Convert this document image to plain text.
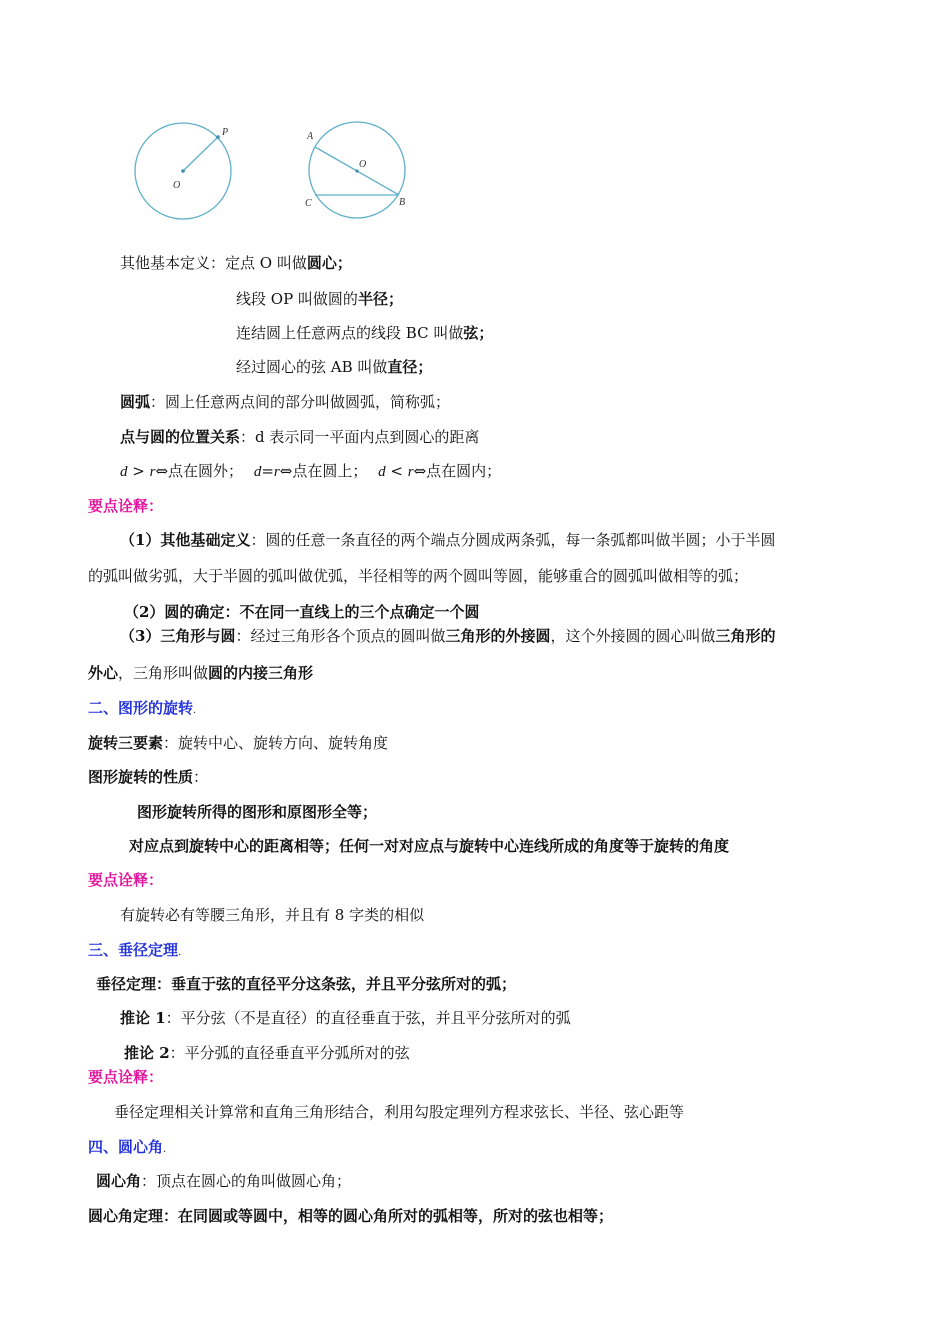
O
P	A
O
C	B
其他基本定义：定点 O 叫做圆心；
线段 OP 叫做圆的半径；
连结圆上任意两点的线段 BC 叫做弦；
经过圆心的弦 AB 叫做直径；
圆弧：圆上任意两点间的部分叫做圆弧，简称弧；
点与圆的位置关系：d 表示同一平面内点到圆心的距离
d > r⇔点在圆外； d=r⇔点在圆上； d < r⇔点在圆内；
要点诠释：
（1）其他基础定义：圆的任意一条直径的两个端点分圆成两条弧，每一条弧都叫做半圆；小于半圆
的弧叫做劣弧，大于半圆的弧叫做优弧，半径相等的两个圆叫等圆，能够重合的圆弧叫做相等的弧；
（2）圆的确定：不在同一直线上的三个点确定一个圆
（3）三角形与圆：经过三角形各个顶点的圆叫做三角形的外接圆，这个外接圆的圆心叫做三角形的
外心，三角形叫做圆的内接三角形
二、图形的旋转.
旋转三要素：旋转中心、旋转方向、旋转角度
图形旋转的性质：
图形旋转所得的图形和原图形全等；
对应点到旋转中心的距离相等；任何一对对应点与旋转中心连线所成的角度等于旋转的角度
要点诠释：
有旋转必有等腰三角形，并且有 8 字类的相似
三、垂径定理.
垂径定理：垂直于弦的直径平分这条弦，并且平分弦所对的弧；
推论 1：平分弦（不是直径）的直径垂直于弦，并且平分弦所对的弧
推论 2：平分弧的直径垂直平分弧所对的弦
要点诠释：
垂径定理相关计算常和直角三角形结合，利用勾股定理列方程求弦长、半径、弦心距等
四、圆心角.
圆心角：顶点在圆心的角叫做圆心角；
圆心角定理：在同圆或等圆中，相等的圆心角所对的弧相等，所对的弦也相等；
